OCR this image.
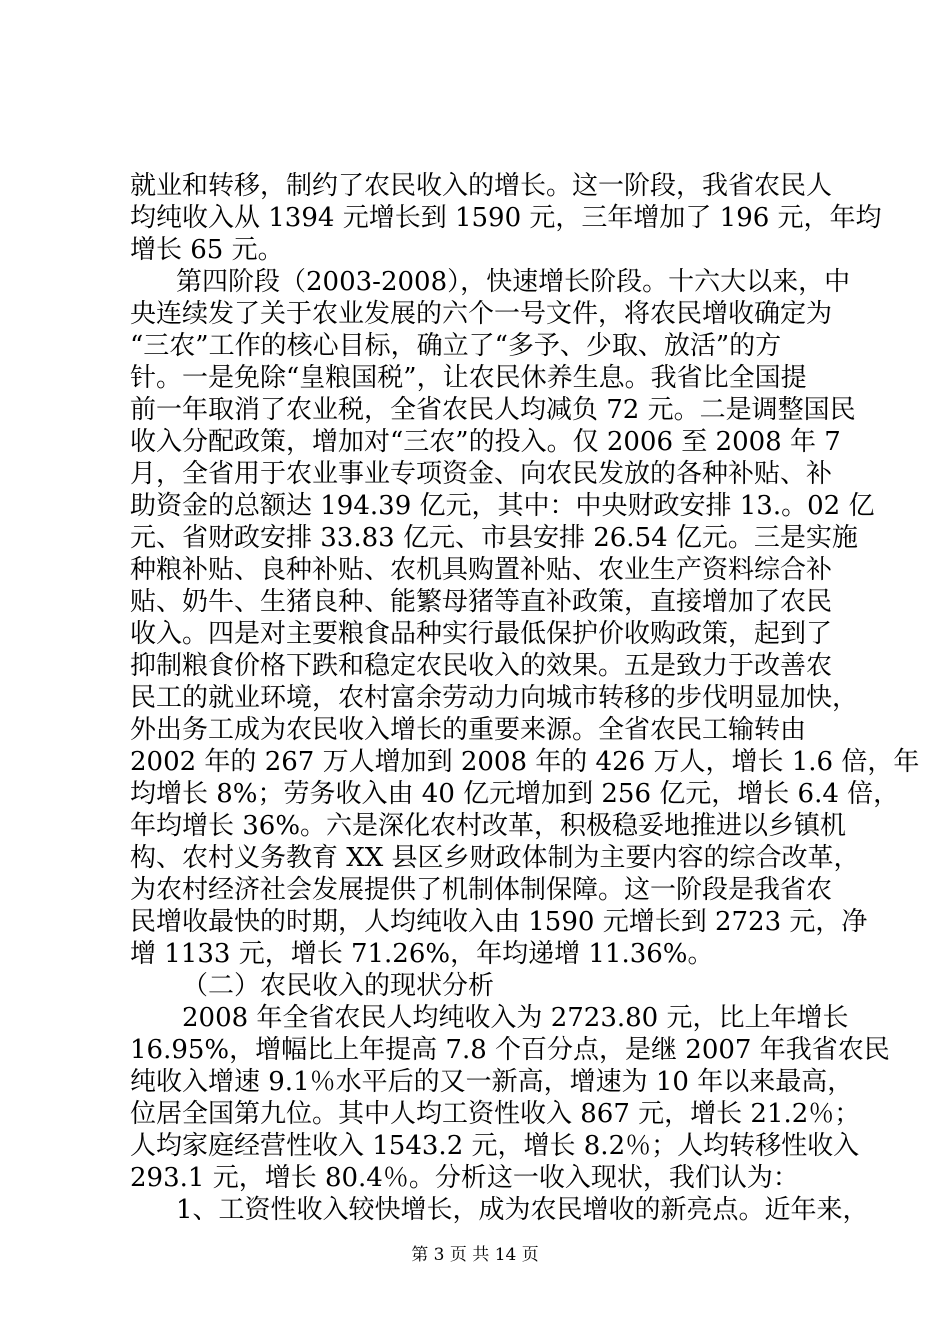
就业和转移，制约了农民收入的增长。这一阶段，我省农民人
均纯收入从 1394 元增长到 1590 元，三年增加了 196 元，年均
增长 65 元。
第四阶段（2003-2008），快速增长阶段。十六大以来，中
央连续发了关于农业发展的六个一号文件，将农民增收确定为
“三农”工作的核心目标，确立了“多予、少取、放活”的方
针。一是免除“皇粮国税”，让农民休养生息。我省比全国提
前一年取消了农业税，全省农民人均减负 72 元。二是调整国民
收入分配政策，增加对“三农”的投入。仅 2006 至 2008 年 7
月，全省用于农业事业专项资金、向农民发放的各种补贴、补
助资金的总额达 194.39 亿元，其中：中央财政安排 13.。02 亿
元、省财政安排 33.83 亿元、市县安排 26.54 亿元。三是实施
种粮补贴、良种补贴、农机具购置补贴、农业生产资料综合补
贴、奶牛、生猪良种、能繁母猪等直补政策，直接增加了农民
收入。四是对主要粮食品种实行最低保护价收购政策，起到了
抑制粮食价格下跌和稳定农民收入的效果。五是致力于改善农
民工的就业环境，农村富余劳动力向城市转移的步伐明显加快，
外出务工成为农民收入增长的重要来源。全省农民工输转由
2002 年的 267 万人增加到 2008 年的 426 万人，增长 1.6 倍，年
均增长 8%；劳务收入由 40 亿元增加到 256 亿元，增长 6.4 倍，
年均增长 36%。六是深化农村改革，积极稳妥地推进以乡镇机
构、农村义务教育 XX 县区乡财政体制为主要内容的综合改革，
为农村经济社会发展提供了机制体制保障。这一阶段是我省农
民增收最快的时期，人均纯收入由 1590 元增长到 2723 元，净
增 1133 元，增长 71.26%，年均递增 11.36%。
（二）农民收入的现状分析
2008 年全省农民人均纯收入为 2723.80 元，比上年增长
16.95%，增幅比上年提高 7.8 个百分点，是继 2007 年我省农民
纯收入增速 9.1％水平后的又一新高，增速为 10 年以来最高，
位居全国第九位。其中人均工资性收入 867 元，增长 21.2％；
人均家庭经营性收入 1543.2 元，增长 8.2％；人均转移性收入
293.1 元，增长 80.4％。分析这一收入现状，我们认为：
1、工资性收入较快增长，成为农民增收的新亮点。近年来，
第 3 页 共 14 页
